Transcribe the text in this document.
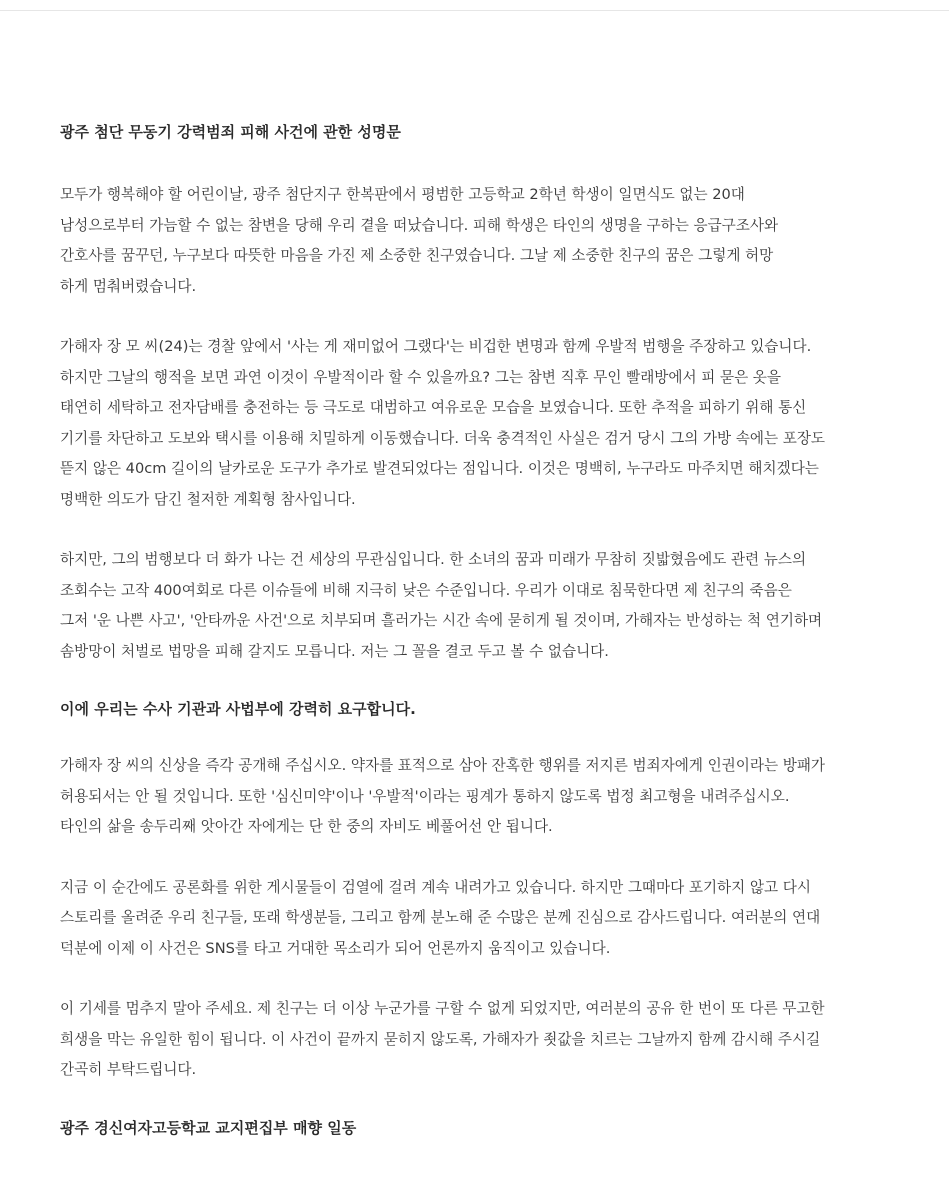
광주 첨단 무동기 강력범죄 피해 사건에 관한 성명문

모두가 행복해야 할 어린이날, 광주 첨단지구 한복판에서 평범한 고등학교 2학년 학생이 일면식도 없는 20대
남성으로부터 가늠할 수 없는 참변을 당해 우리 곁을 떠났습니다. 피해 학생은 타인의 생명을 구하는 응급구조사와
간호사를 꿈꾸던, 누구보다 따뜻한 마음을 가진 제 소중한 친구였습니다. 그날 제 소중한 친구의 꿈은 그렇게 허망
하게 멈춰버렸습니다.

가해자 장 모 씨(24)는 경찰 앞에서 '사는 게 재미없어 그랬다'는 비겁한 변명과 함께 우발적 범행을 주장하고 있습니다.
하지만 그날의 행적을 보면 과연 이것이 우발적이라 할 수 있을까요? 그는 참변 직후 무인 빨래방에서 피 묻은 옷을
태연히 세탁하고 전자담배를 충전하는 등 극도로 대범하고 여유로운 모습을 보였습니다. 또한 추적을 피하기 위해 통신
기기를 차단하고 도보와 택시를 이용해 치밀하게 이동했습니다. 더욱 충격적인 사실은 검거 당시 그의 가방 속에는 포장도
뜯지 않은 40cm 길이의 날카로운 도구가 추가로 발견되었다는 점입니다. 이것은 명백히, 누구라도 마주치면 해치겠다는
명백한 의도가 담긴 철저한 계획형 참사입니다.

하지만, 그의 범행보다 더 화가 나는 건 세상의 무관심입니다. 한 소녀의 꿈과 미래가 무참히 짓밟혔음에도 관련 뉴스의
조회수는 고작 400여회로 다른 이슈들에 비해 지극히 낮은 수준입니다. 우리가 이대로 침묵한다면 제 친구의 죽음은
그저 '운 나쁜 사고', '안타까운 사건'으로 치부되며 흘러가는 시간 속에 묻히게 될 것이며, 가해자는 반성하는 척 연기하며
솜방망이 처벌로 법망을 피해 갈지도 모릅니다. 저는 그 꼴을 결코 두고 볼 수 없습니다.

이에 우리는 수사 기관과 사법부에 강력히 요구합니다.

가해자 장 씨의 신상을 즉각 공개해 주십시오. 약자를 표적으로 삼아 잔혹한 행위를 저지른 범죄자에게 인권이라는 방패가
허용되서는 안 될 것입니다. 또한 '심신미약'이나 '우발적'이라는 핑계가 통하지 않도록 법정 최고형을 내려주십시오.
타인의 삶을 송두리째 앗아간 자에게는 단 한 중의 자비도 베풀어선 안 됩니다.

지금 이 순간에도 공론화를 위한 게시물들이 검열에 걸려 계속 내려가고 있습니다. 하지만 그때마다 포기하지 않고 다시
스토리를 올려준 우리 친구들, 또래 학생분들, 그리고 함께 분노해 준 수많은 분께 진심으로 감사드립니다. 여러분의 연대
덕분에 이제 이 사건은 SNS를 타고 거대한 목소리가 되어 언론까지 움직이고 있습니다.

이 기세를 멈추지 말아 주세요. 제 친구는 더 이상 누군가를 구할 수 없게 되었지만, 여러분의 공유 한 번이 또 다른 무고한
희생을 막는 유일한 힘이 됩니다. 이 사건이 끝까지 묻히지 않도록, 가해자가 죗값을 치르는 그날까지 함께 감시해 주시길
간곡히 부탁드립니다.

광주 경신여자고등학교 교지편집부 매향 일동
